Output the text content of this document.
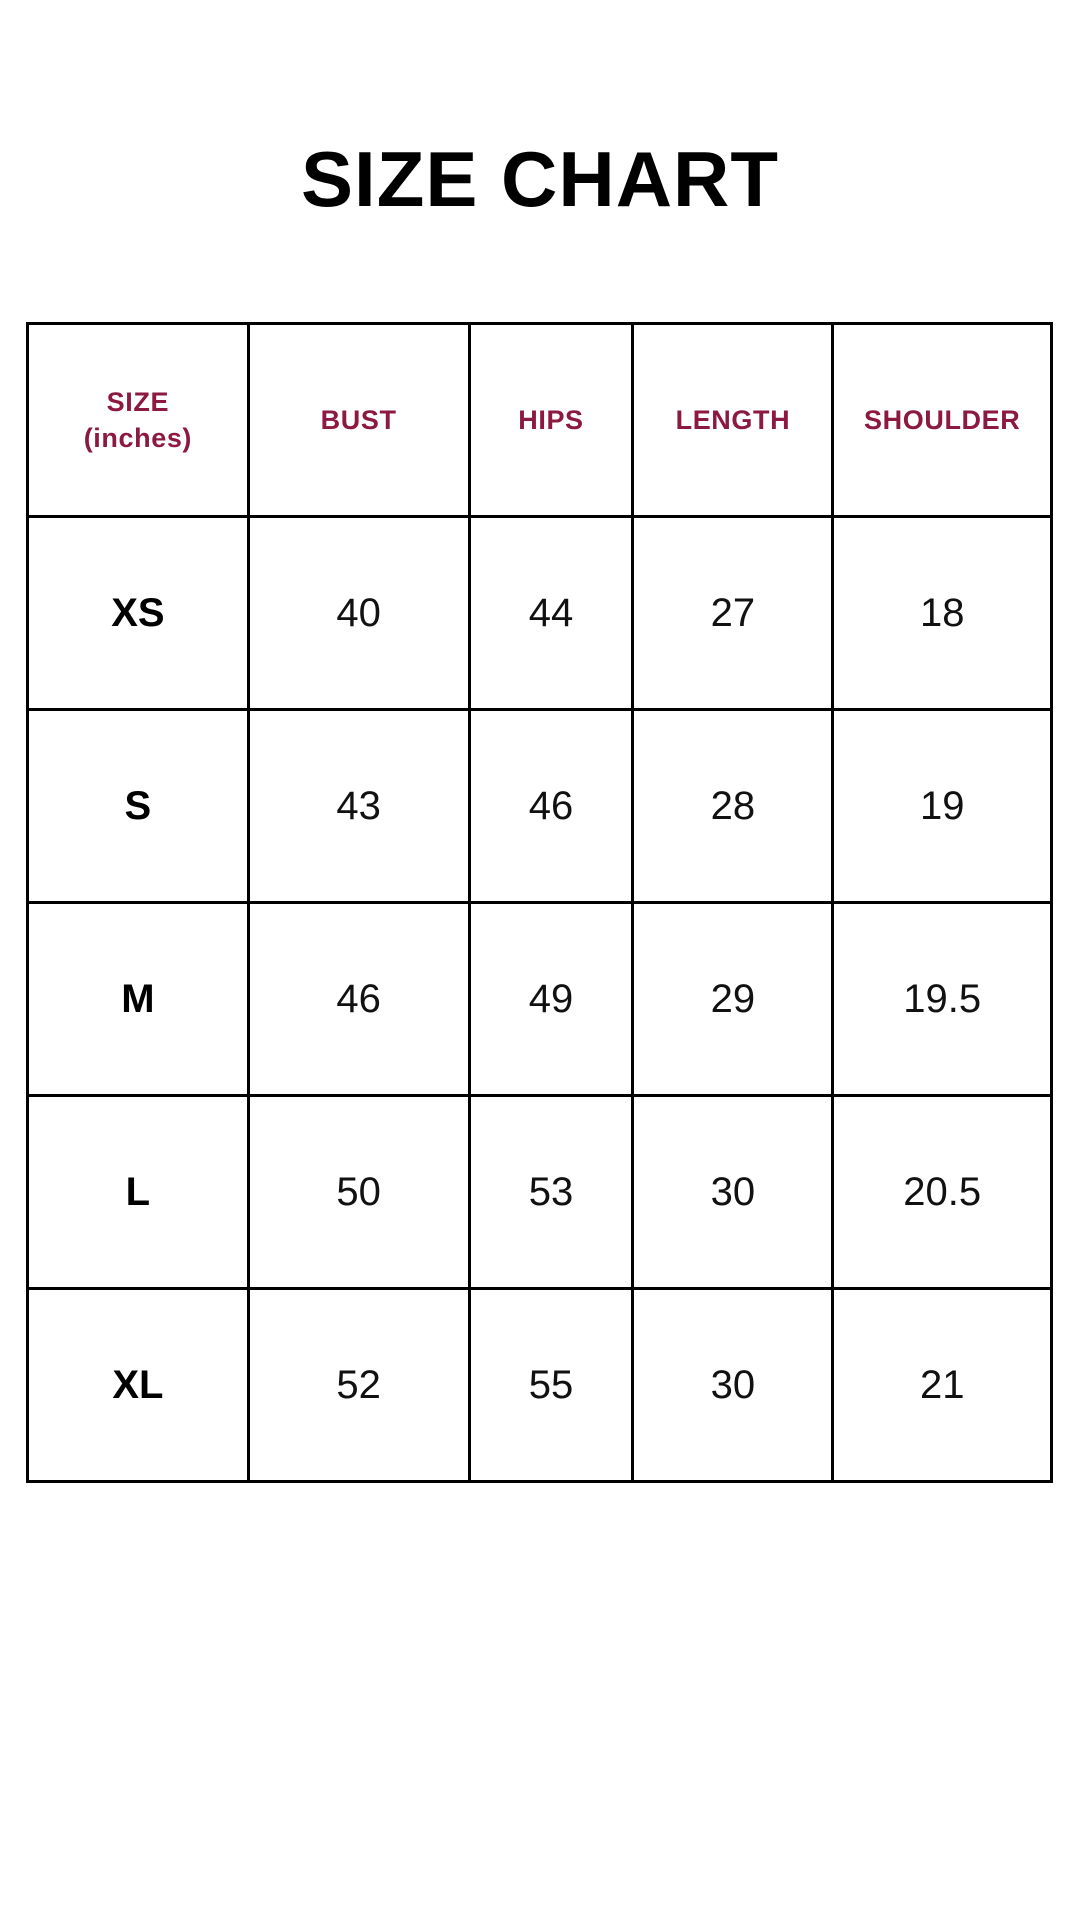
SIZE CHART
SIZE
(inches)	BUST	HIPS	LENGTH	SHOULDER
XS	40	44	27	18
S	43	46	28	19
M	46	49	29	19.5
L	50	53	30	20.5
XL	52	55	30	21
